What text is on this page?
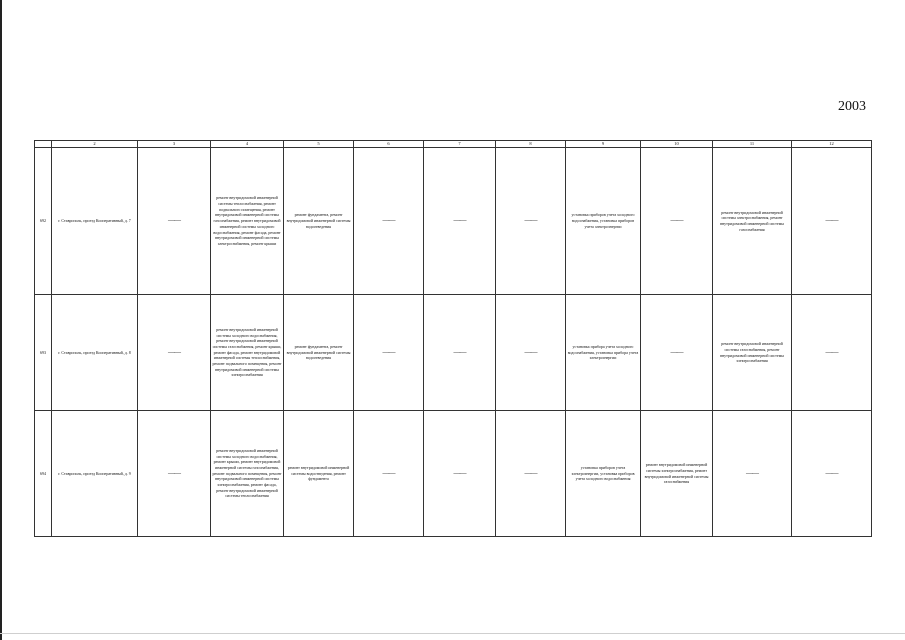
2003
	2	3	4	5	6	7	8	9	10	11	12
692	г. Ставрополь, проезд Кооперативный, д. 7	——	ремонт внутридомовой инженерной системы теплоснабжения, ремонт подвального помещения, ремонт внутридомовой инженерной системы газоснабжения, ремонт внутридомовой инженерной системы холодного водоснабжения, ремонт фасада, ремонт внутридомовой инженерной системы электроснабжения, ремонт крыши	ремонт фундамента, ремонт внутридомовой инженерной системы водоотведения	——	——	——	установка приборов учета холодного водоснабжения, установка приборов учета электроэнергии	——	ремонт внутридомовой инженерной системы электроснабжения, ремонт внутридомовой инженерной системы газоснабжения	——
693	г. Ставрополь, проезд Кооперативный, д. 8	——	ремонт внутридомовой инженерной системы холодного водоснабжения, ремонт внутридомовой инженерной системы газоснабжения, ремонт крыши, ремонт фасада, ремонт внутридомовой инженерной системы теплоснабжения, ремонт подвального помещения, ремонт внутридомовой инженерной системы электроснабжения	ремонт фундамента, ремонт внутридомовой инженерной системы водоотведения	——	——	——	установка прибора учета холодного водоснабжения, установка прибора учета электроэнергии	——	ремонт внутридомовой инженерной системы газоснабжения, ремонт внутридомовой инженерной системы электроснабжения	——
694	г. Ставрополь, проезд Кооперативный, д. 9	——	ремонт внутридомовой инженерной системы холодного водоснабжения, ремонт крыши, ремонт внутридомовой инженерной системы газоснабжения, ремонт подвального помещения, ремонт внутридомовой инженерной системы электроснабжения, ремонт фасада, ремонт внутридомовой инженерной системы теплоснабжения	ремонт внутридомовой инженерной системы водоотведения, ремонт фундамента	——	——	——	установка приборов учета электроэнергии, установка приборов учета холодного водоснабжения	ремонт внутридомовой инженерной системы электроснабжения, ремонт внутридомовой инженерной системы газоснабжения	——	——
